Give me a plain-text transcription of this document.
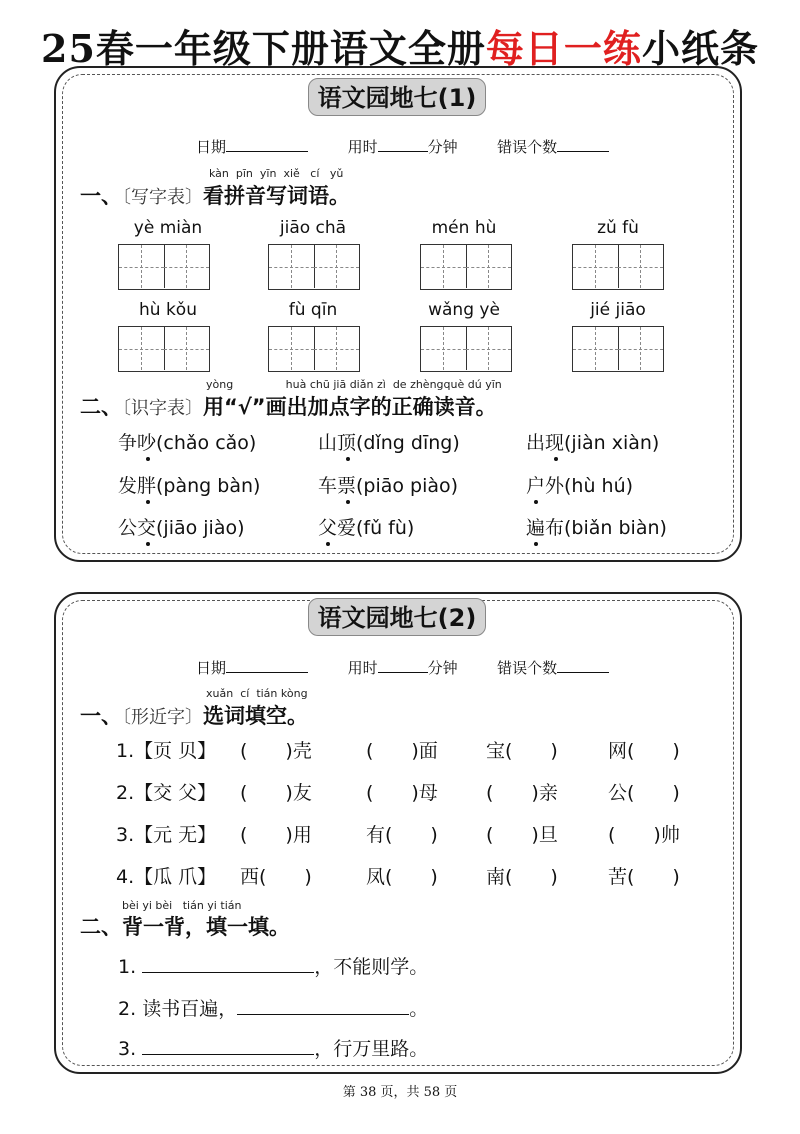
25春一年级下册语文全册每日一练小纸条
语文园地七(1)
日期	用时	分钟	错误个数
kàn pīn yīn xiě cí yǔ
一、〔写字表〕看拼音写词语。
yè miàn	jiāo chā	mén hù	zǔ fù
hù kǒu	fù qīn	wǎng yè	jié jiāo
yòng	huà chū jiā diǎn zì de zhèngquè dú yīn
二、〔识字表〕用“√”画出加点字的正确读音。
争吵(chǎo cǎo)	山顶(dǐng dīng)	出现(jiàn xiàn)
发胖(pàng bàn)	车票(piāo piào)	户外(hù hú)
公交(jiāo jiào)	父爱(fǔ fù)	遍布(biǎn biàn)
语文园地七(2)
日期	用时	分钟	错误个数
xuǎn cí tián kòng
一、〔形近字〕选词填空。
1.【页 贝】 (　　)壳	(　　)面	宝(　　)	网(　　)
2.【交 父】 (　　)友	(　　)母	(　　)亲	公(　　)
3.【元 无】 (　　)用	有(　　)	(　　)旦	(　　)帅
4.【瓜 爪】 西(　　)	凤(　　)	南(　　)	苦(　　)
bèi yi bèi tián yi tián
二、背一背，填一填。
1.	，不能则学。
2. 读书百遍，	。
3.	，行万里路。
第 38 页，共 58 页
